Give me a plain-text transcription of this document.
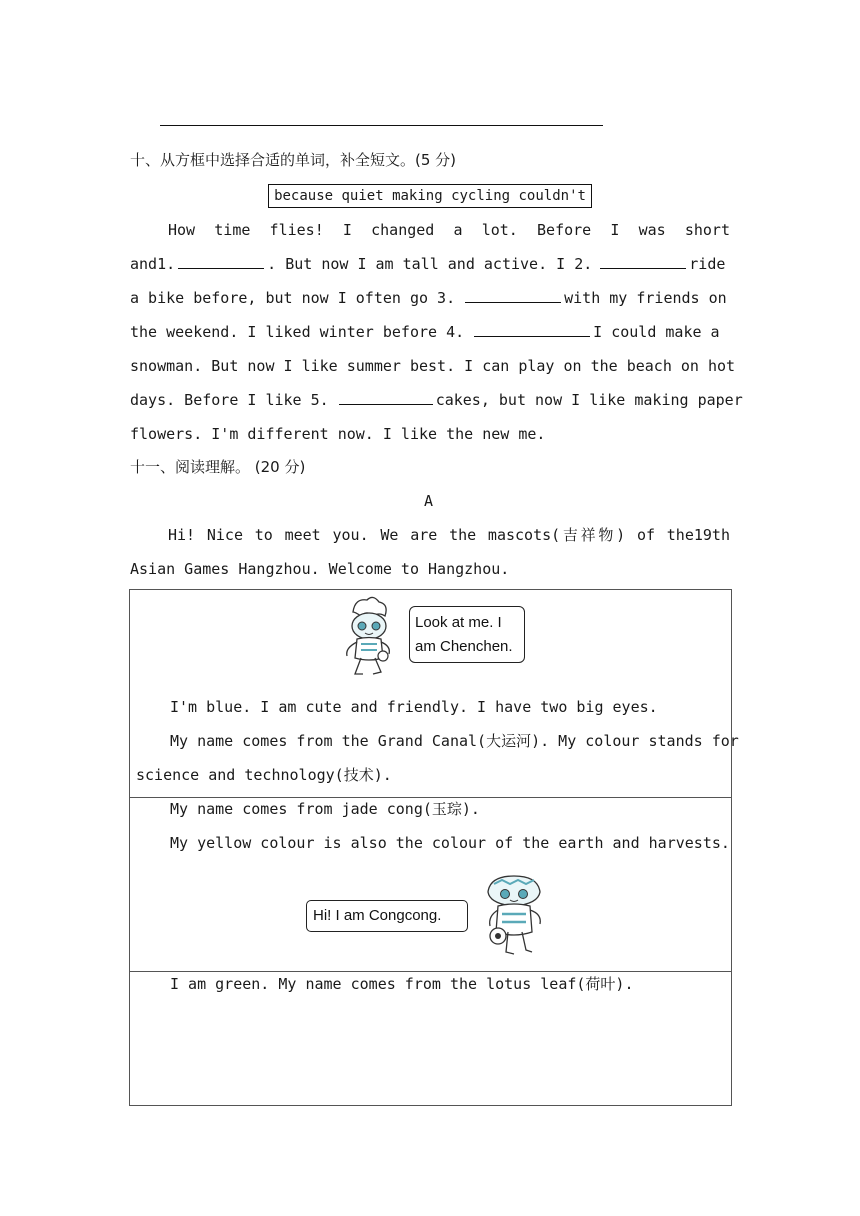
十、从方框中选择合适的单词，补全短文。(5 分)
because quiet making cycling couldn't
How time flies! I changed a lot. Before I was short
and1.	. But now I am tall and active. I 2.	ride
a bike before, but now I often go 3.	with my friends on
the weekend. I liked winter before 4.	I could make a
snowman. But now I like summer best. I can play on the beach on hot
days. Before I like 5.	cakes, but now I like making paper
flowers. I'm different now. I like the new me.
十一、阅读理解。 (20 分)
A
Hi! Nice to meet you. We are the mascots(吉祥物) of the19th
Asian Games Hangzhou. Welcome to Hangzhou.
Look at me. I
am Chenchen.
I'm blue. I am cute and friendly. I have two big eyes.
My name comes from the Grand Canal(大运河). My colour stands for
science and technology(技术).
My name comes from jade cong(玉琮).
My yellow colour is also the colour of the earth and harvests.
Hi! I am Congcong.
I am green. My name comes from the lotus leaf(荷叶).
